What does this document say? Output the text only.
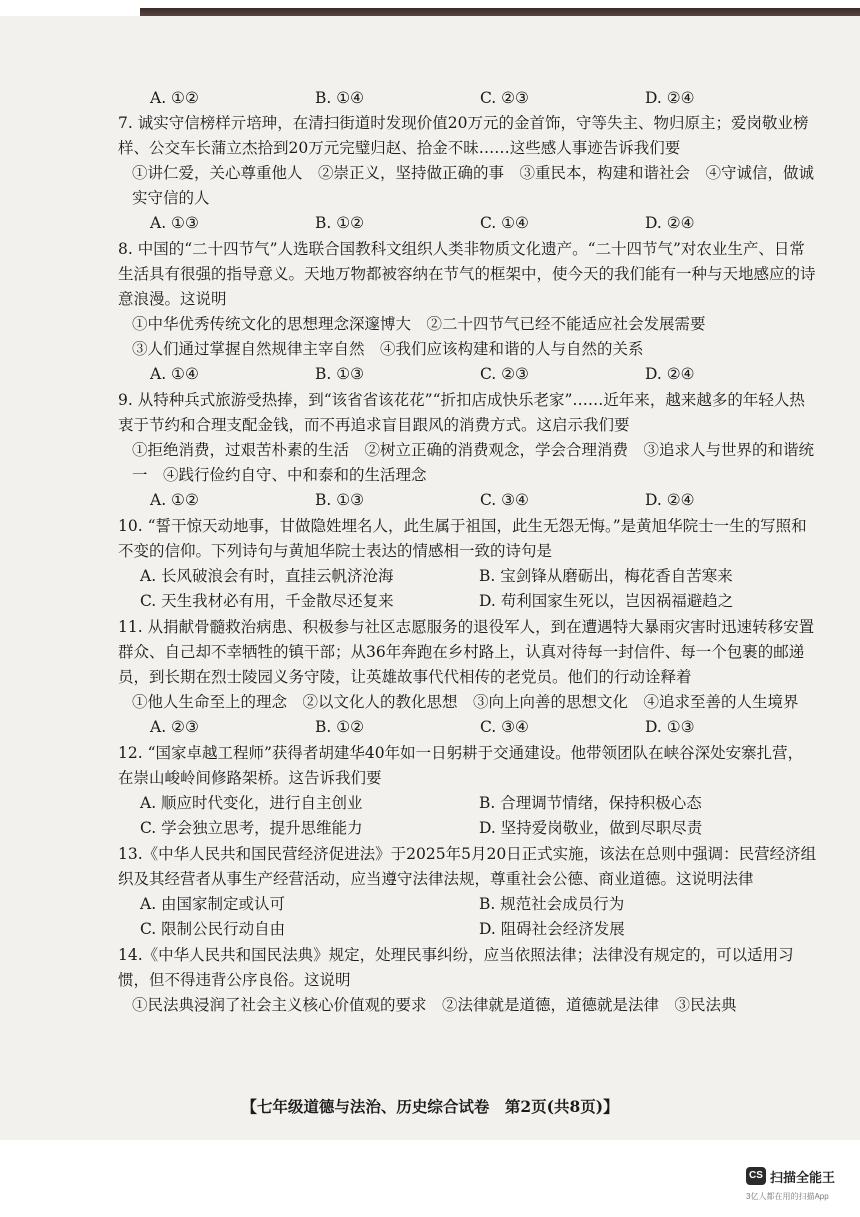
A. ①②	B. ①④	C. ②③	D. ②④

7. 诚实守信榜样亓培珅，在清扫街道时发现价值20万元的金首饰，守等失主、物归原主；爱岗敬业榜样、公交车长蒲立杰拾到20万元完璧归赵、拾金不昧……这些感人事迹告诉我们要

①讲仁爱，关心尊重他人　②崇正义，坚持做正确的事　③重民本，构建和谐社会　④守诚信，做诚实守信的人

A. ①③	B. ①②	C. ①④	D. ②④

8. 中国的“二十四节气”人选联合国教科文组织人类非物质文化遗产。“二十四节气”对农业生产、日常生活具有很强的指导意义。天地万物都被容纳在节气的框架中，使今天的我们能有一种与天地感应的诗意浪漫。这说明

①中华优秀传统文化的思想理念深邃博大　②二十四节气已经不能适应社会发展需要

③人们通过掌握自然规律主宰自然　④我们应该构建和谐的人与自然的关系

A. ①④	B. ①③	C. ②③	D. ②④

9. 从特种兵式旅游受热捧，到“该省省该花花”“折扣店成快乐老家”……近年来，越来越多的年轻人热衷于节约和合理支配金钱，而不再追求盲目跟风的消费方式。这启示我们要

①拒绝消费，过艰苦朴素的生活　②树立正确的消费观念，学会合理消费　③追求人与世界的和谐统一　④践行俭约自守、中和泰和的生活理念

A. ①②	B. ①③	C. ③④	D. ②④

10. “誓干惊天动地事，甘做隐姓埋名人，此生属于祖国，此生无怨无悔。”是黄旭华院士一生的写照和不变的信仰。下列诗句与黄旭华院士表达的情感相一致的诗句是

A. 长风破浪会有时，直挂云帆济沧海	B. 宝剑锋从磨砺出，梅花香自苦寒来
C. 天生我材必有用，千金散尽还复来	D. 苟利国家生死以，岂因祸福避趋之

11. 从捐献骨髓救治病患、积极参与社区志愿服务的退役军人，到在遭遇特大暴雨灾害时迅速转移安置群众、自己却不幸牺牲的镇干部；从36年奔跑在乡村路上，认真对待每一封信件、每一个包裹的邮递员，到长期在烈士陵园义务守陵，让英雄故事代代相传的老党员。他们的行动诠释着

①他人生命至上的理念　②以文化人的教化思想　③向上向善的思想文化　④追求至善的人生境界

A. ②③	B. ①②	C. ③④	D. ①③

12. “国家卓越工程师”获得者胡建华40年如一日躬耕于交通建设。他带领团队在峡谷深处安寨扎营，在崇山峻岭间修路架桥。这告诉我们要

A. 顺应时代变化，进行自主创业	B. 合理调节情绪，保持积极心态
C. 学会独立思考，提升思维能力	D. 坚持爱岗敬业，做到尽职尽责

13.《中华人民共和国民营经济促进法》于2025年5月20日正式实施，该法在总则中强调：民营经济组织及其经营者从事生产经营活动，应当遵守法律法规，尊重社会公德、商业道德。这说明法律

A. 由国家制定或认可	B. 规范社会成员行为
C. 限制公民行动自由	D. 阻碍社会经济发展

14.《中华人民共和国民法典》规定，处理民事纠纷，应当依照法律；法律没有规定的，可以适用习惯，但不得违背公序良俗。这说明

①民法典浸润了社会主义核心价值观的要求　②法律就是道德，道德就是法律　③民法典

【七年级道德与法治、历史综合试卷　第2页(共8页)】
CS 扫描全能王
3亿人都在用的扫描App
